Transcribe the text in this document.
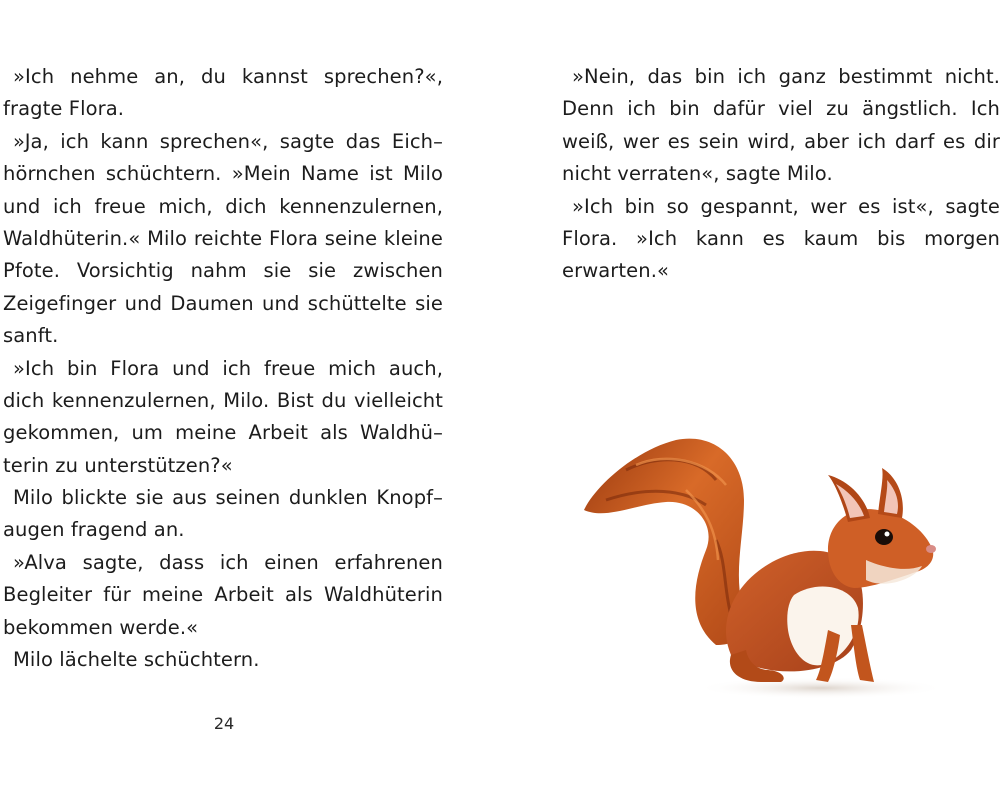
»Ich nehme an, du kannst sprechen?«,
fragte Flora.
»Ja, ich kann sprechen«, sagte das Eich–
hörnchen schüchtern. »Mein Name ist Milo
und ich freue mich, dich kennenzulernen,
Waldhüterin.« Milo reichte Flora seine kleine
Pfote. Vorsichtig nahm sie sie zwischen
Zeigefinger und Daumen und schüttelte sie
sanft.
»Ich bin Flora und ich freue mich auch,
dich kennenzulernen, Milo. Bist du vielleicht
gekommen, um meine Arbeit als Waldhü–
terin zu unterstützen?«
Milo blickte sie aus seinen dunklen Knopf–
augen fragend an.
»Alva sagte, dass ich einen erfahrenen
Begleiter für meine Arbeit als Waldhüterin
bekommen werde.«
Milo lächelte schüchtern.
24
»Nein, das bin ich ganz bestimmt nicht.
Denn ich bin dafür viel zu ängstlich. Ich
weiß, wer es sein wird, aber ich darf es dir
nicht verraten«, sagte Milo.
»Ich bin so gespannt, wer es ist«, sagte
Flora. »Ich kann es kaum bis morgen
erwarten.«
